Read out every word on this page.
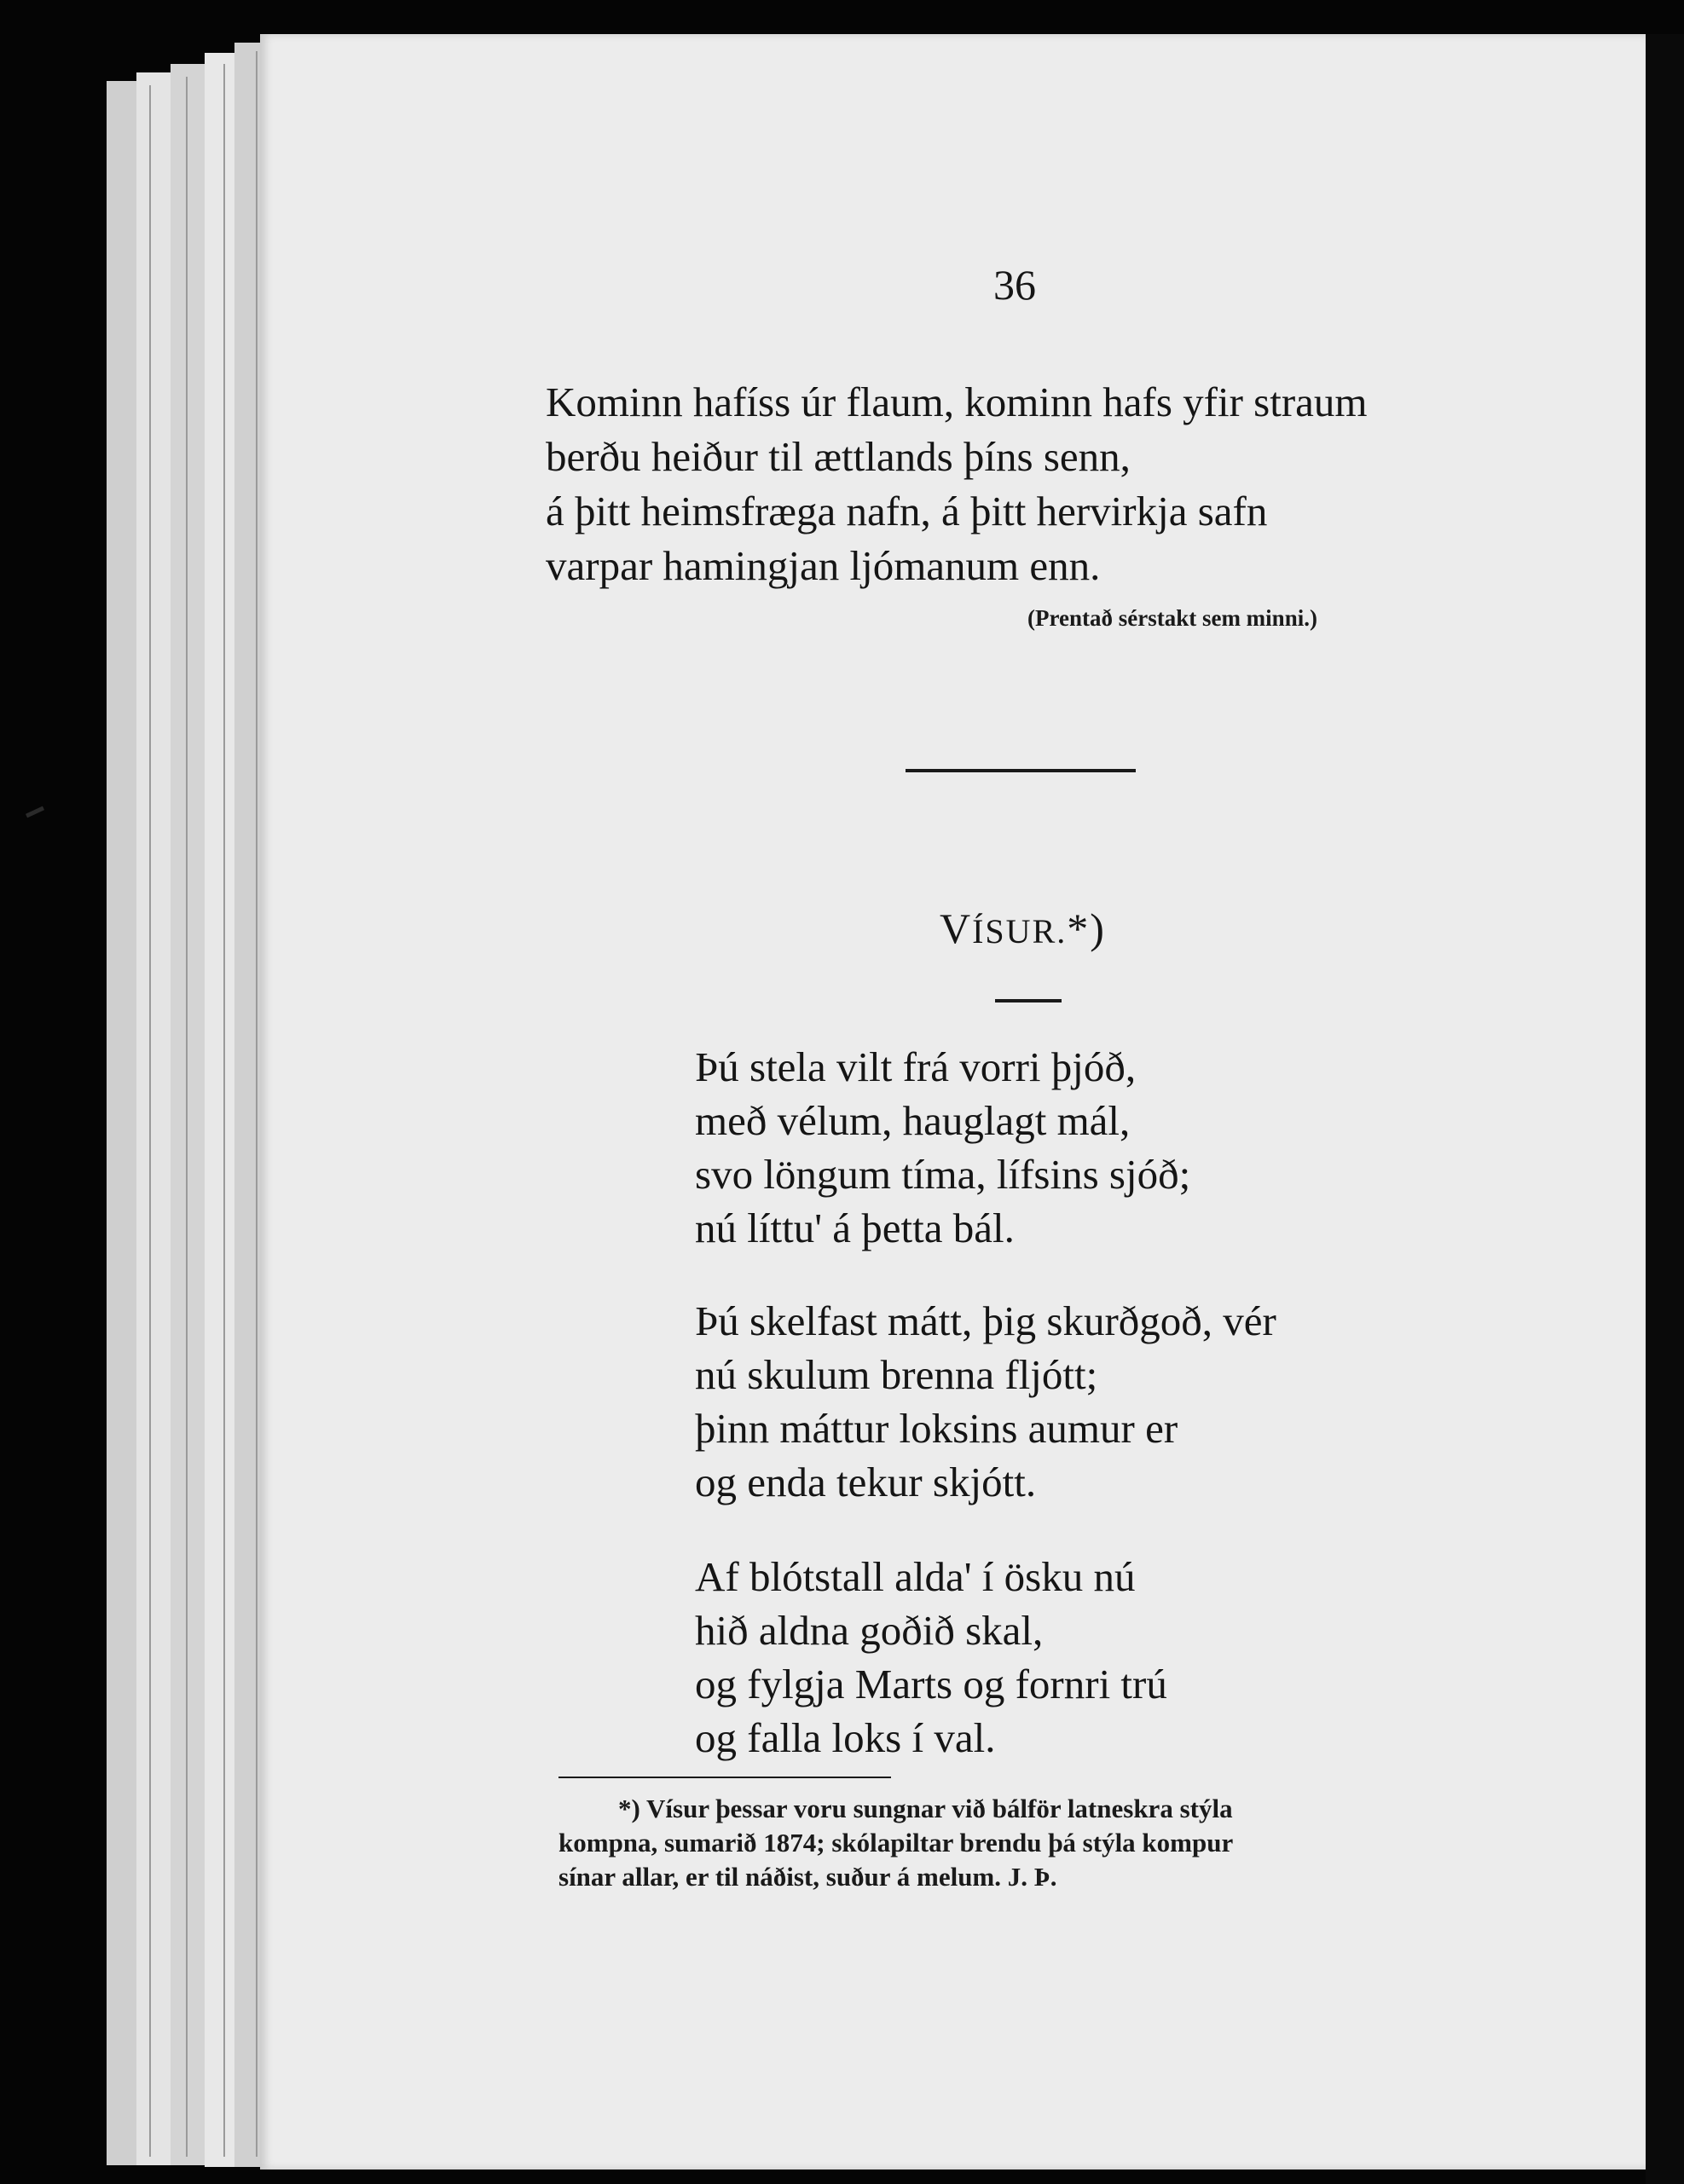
36
Kominn hafíss úr flaum, kominn hafs yfir straum
berðu heiður til ættlands þíns senn,
á þitt heimsfræga nafn, á þitt hervirkja safn
varpar hamingjan ljómanum enn.
(Prentað sérstakt sem minni.)
VÍSUR.*)
Þú stela vilt frá vorri þjóð,
með vélum, hauglagt mál,
svo löngum tíma, lífsins sjóð;
nú líttu' á þetta bál.
Þú skelfast mátt, þig skurðgoð, vér
nú skulum brenna fljótt;
þinn máttur loksins aumur er
og enda tekur skjótt.
Af blótstall alda' í ösku nú
hið aldna goðið skal,
og fylgja Marts og fornri trú
og falla loks í val.
*) Vísur þessar voru sungnar við bálför latneskra stýla
kompna, sumarið 1874; skólapiltar brendu þá stýla kompur
sínar allar, er til náðist, suður á melum. J. Þ.
